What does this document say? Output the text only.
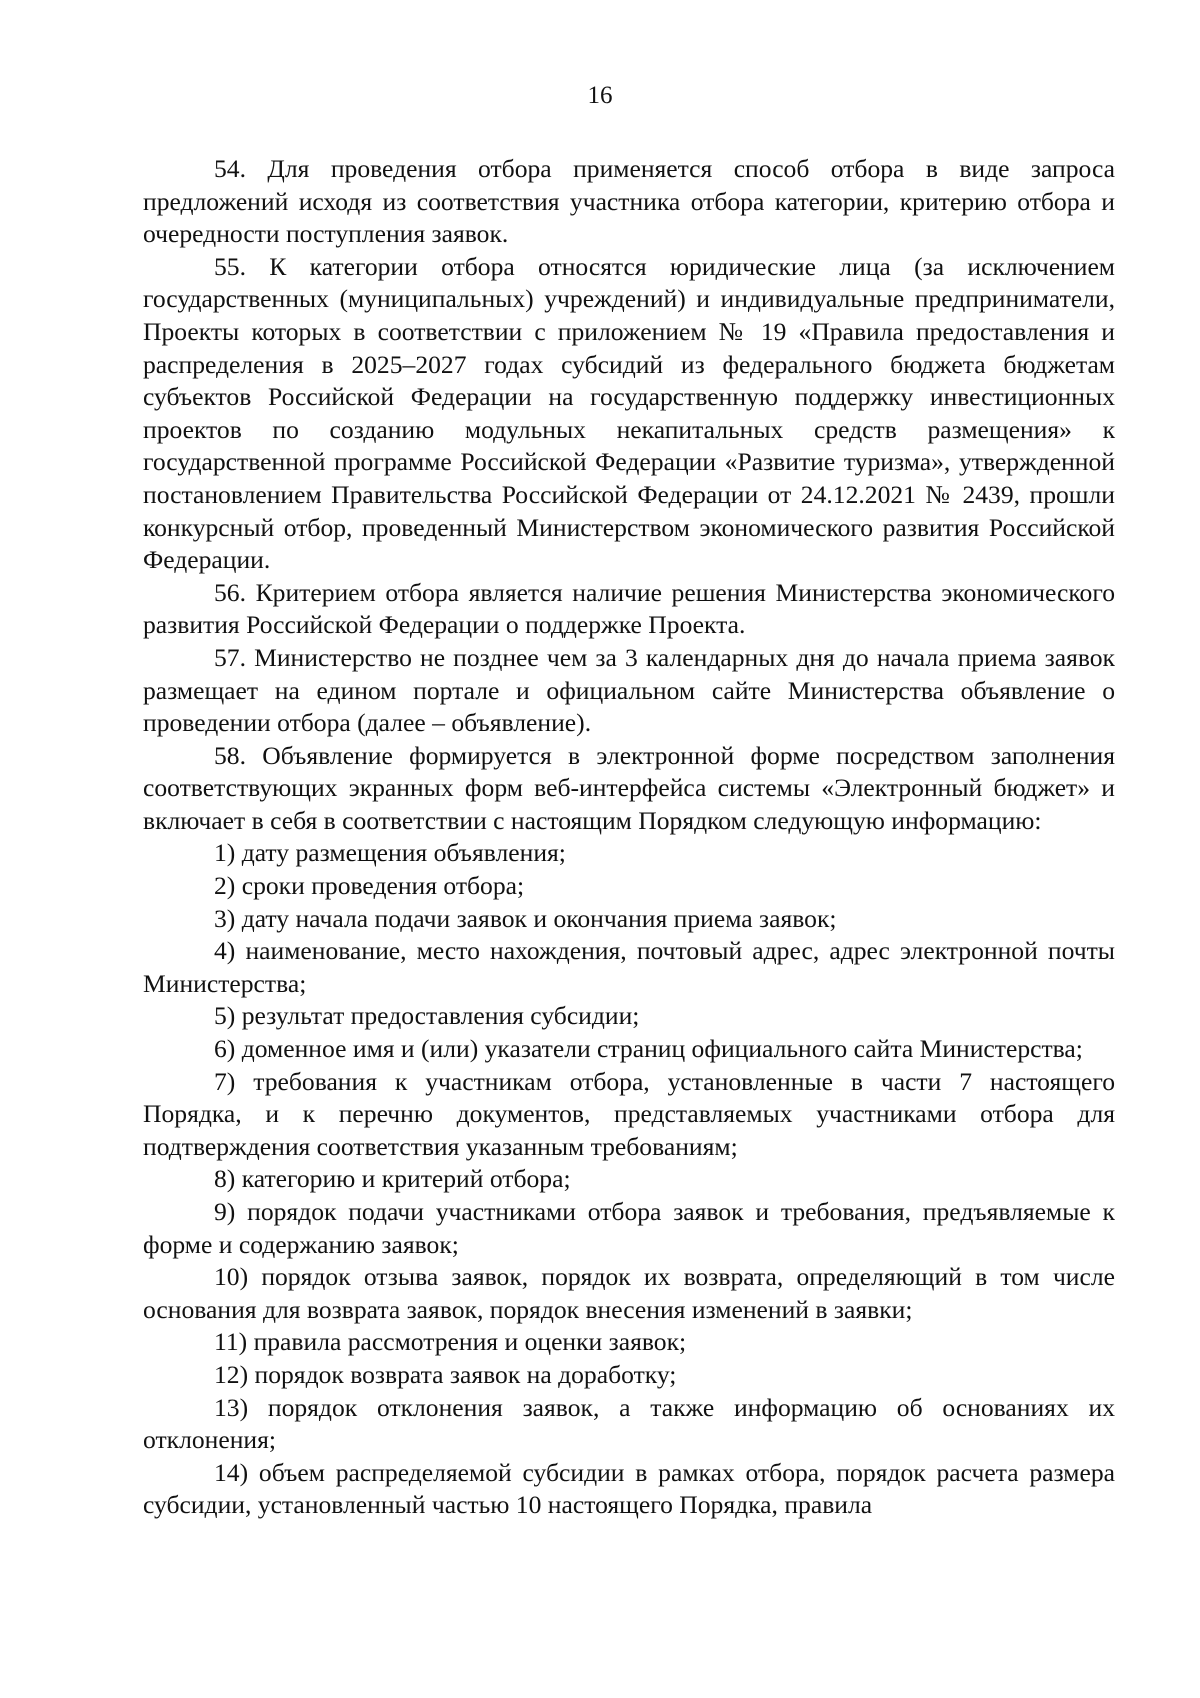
16

54. Для проведения отбора применяется способ отбора в виде запроса предложений исходя из соответствия участника отбора категории, критерию отбора и очередности поступления заявок.

55. К категории отбора относятся юридические лица (за исключением государственных (муниципальных) учреждений) и индивидуальные предприниматели, Проекты которых в соответствии с приложением № 19 «Правила предоставления и распределения в 2025–2027 годах субсидий из федерального бюджета бюджетам субъектов Российской Федерации на государственную поддержку инвестиционных проектов по созданию модульных некапитальных средств размещения» к государственной программе Российской Федерации «Развитие туризма», утвержденной постановлением Правительства Российской Федерации от 24.12.2021 № 2439, прошли конкурсный отбор, проведенный Министерством экономического развития Российской Федерации.

56. Критерием отбора является наличие решения Министерства экономического развития Российской Федерации о поддержке Проекта.

57. Министерство не позднее чем за 3 календарных дня до начала приема заявок размещает на едином портале и официальном сайте Министерства объявление о проведении отбора (далее – объявление).

58. Объявление формируется в электронной форме посредством заполнения соответствующих экранных форм веб-интерфейса системы «Электронный бюджет» и включает в себя в соответствии с настоящим Порядком следующую информацию:

1) дату размещения объявления;

2) сроки проведения отбора;

3) дату начала подачи заявок и окончания приема заявок;

4) наименование, место нахождения, почтовый адрес, адрес электронной почты Министерства;

5) результат предоставления субсидии;

6) доменное имя и (или) указатели страниц официального сайта Министерства;

7) требования к участникам отбора, установленные в части 7 настоящего Порядка, и к перечню документов, представляемых участниками отбора для подтверждения соответствия указанным требованиям;

8) категорию и критерий отбора;

9) порядок подачи участниками отбора заявок и требования, предъявляемые к форме и содержанию заявок;

10) порядок отзыва заявок, порядок их возврата, определяющий в том числе основания для возврата заявок, порядок внесения изменений в заявки;

11) правила рассмотрения и оценки заявок;

12) порядок возврата заявок на доработку;

13) порядок отклонения заявок, а также информацию об основаниях их отклонения;

14) объем распределяемой субсидии в рамках отбора, порядок расчета размера субсидии, установленный частью 10 настоящего Порядка, правила
